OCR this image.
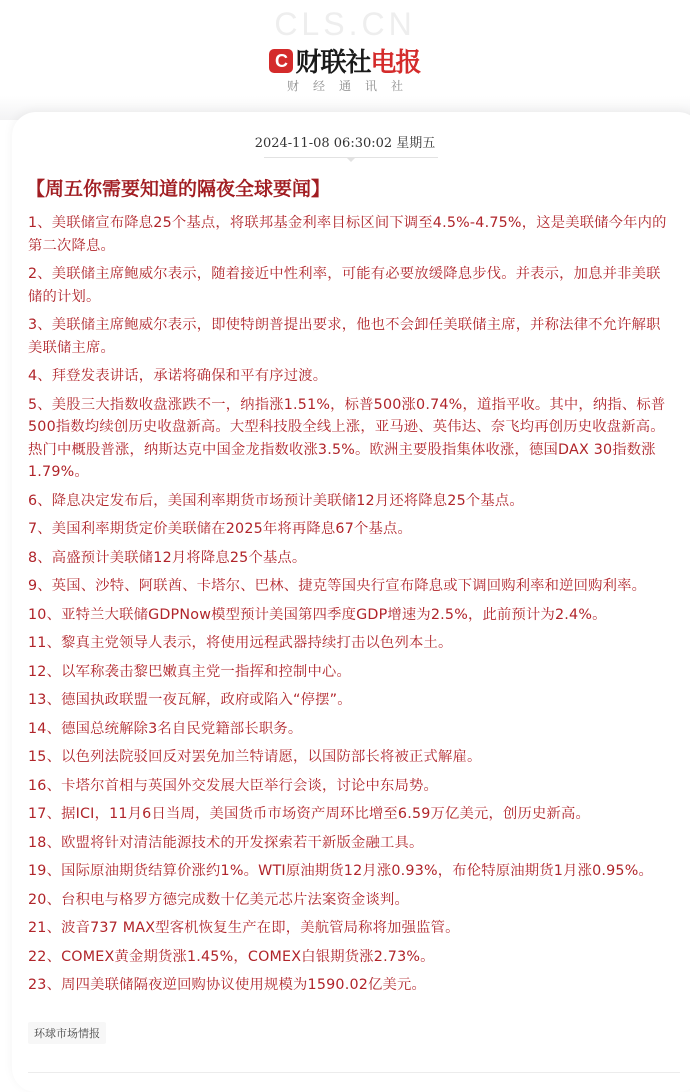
CLS.CN
C 财联社 电报
财经通讯社
2024-11-08 06:30:02 星期五
【周五你需要知道的隔夜全球要闻】
1、美联储宣布降息25个基点，将联邦基金利率目标区间下调至4.5%-4.75%，这是美联储今年内的第二次降息。
2、美联储主席鲍威尔表示，随着接近中性利率，可能有必要放缓降息步伐。并表示，加息并非美联储的计划。
3、美联储主席鲍威尔表示，即使特朗普提出要求，他也不会卸任美联储主席，并称法律不允许解职美联储主席。
4、拜登发表讲话，承诺将确保和平有序过渡。
5、美股三大指数收盘涨跌不一，纳指涨1.51%，标普500涨0.74%，道指平收。其中，纳指、标普500指数均续创历史收盘新高。大型科技股全线上涨，亚马逊、英伟达、奈飞均再创历史收盘新高。热门中概股普涨，纳斯达克中国金龙指数收涨3.5%。欧洲主要股指集体收涨，德国DAX 30指数涨1.79%。
6、降息决定发布后，美国利率期货市场预计美联储12月还将降息25个基点。
7、美国利率期货定价美联储在2025年将再降息67个基点。
8、高盛预计美联储12月将降息25个基点。
9、英国、沙特、阿联酋、卡塔尔、巴林、捷克等国央行宣布降息或下调回购利率和逆回购利率。
10、亚特兰大联储GDPNow模型预计美国第四季度GDP增速为2.5%，此前预计为2.4%。
11、黎真主党领导人表示，将使用远程武器持续打击以色列本土。
12、以军称袭击黎巴嫩真主党一指挥和控制中心。
13、德国执政联盟一夜瓦解，政府或陷入“停摆”。
14、德国总统解除3名自民党籍部长职务。
15、以色列法院驳回反对罢免加兰特请愿，以国防部长将被正式解雇。
16、卡塔尔首相与英国外交发展大臣举行会谈，讨论中东局势。
17、据ICI，11月6日当周，美国货币市场资产周环比增至6.59万亿美元，创历史新高。
18、欧盟将针对清洁能源技术的开发探索若干新版金融工具。
19、国际原油期货结算价涨约1%。WTI原油期货12月涨0.93%，布伦特原油期货1月涨0.95%。
20、台积电与格罗方德完成数十亿美元芯片法案资金谈判。
21、波音737 MAX型客机恢复生产在即，美航管局称将加强监管。
22、COMEX黄金期货涨1.45%，COMEX白银期货涨2.73%。
23、周四美联储隔夜逆回购协议使用规模为1590.02亿美元。
环球市场情报
